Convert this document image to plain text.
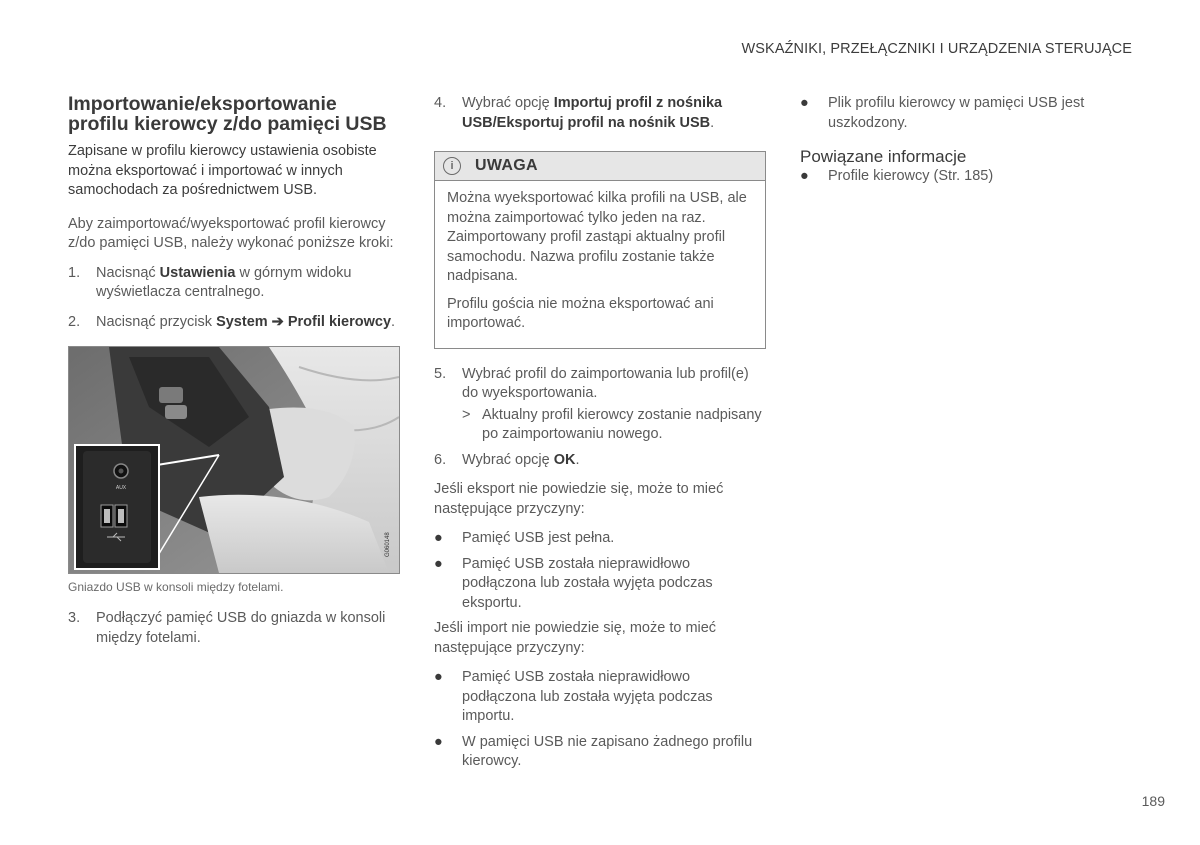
WSKAŹNIKI, PRZEŁĄCZNIKI I URZĄDZENIA STERUJĄCE
Importowanie/eksportowanie profilu kierowcy z/do pamięci USB

Zapisane w profilu kierowcy ustawienia osobiste można eksportować i importować w innych samochodach za pośrednictwem USB.

Aby zaimportować/wyeksportować profil kierowcy z/do pamięci USB, należy wykonać poniższe kroki:

1.	Nacisnąć Ustawienia w górnym widoku wyświetlacza centralnego.
2.	Nacisnąć przycisk System ➔ Profil kierowcy.
AUX
G060148

Gniazdo USB w konsoli między fotelami.

3.	Podłączyć pamięć USB do gniazda w konsoli między fotelami.
4.	Wybrać opcję Importuj profil z nośnika USB/Eksportuj profil na nośnik USB.
i	UWAGA

Można wyeksportować kilka profili na USB, ale można zaimportować tylko jeden na raz. Zaimportowany profil zastąpi aktualny profil samochodu. Nazwa profilu zostanie także nadpisana.

Profilu gościa nie można eksportować ani importować.

5.	Wybrać profil do zaimportowania lub profil(e) do wyeksportowania.
> Aktualny profil kierowcy zostanie nadpisany po zaimportowaniu nowego.
6.	Wybrać opcję OK.

Jeśli eksport nie powiedzie się, może to mieć następujące przyczyny:

●	Pamięć USB jest pełna.
●	Pamięć USB została nieprawidłowo podłączona lub została wyjęta podczas eksportu.

Jeśli import nie powiedzie się, może to mieć następujące przyczyny:

●	Pamięć USB została nieprawidłowo podłączona lub została wyjęta podczas importu.
●	W pamięci USB nie zapisano żadnego profilu kierowcy.
●	Plik profilu kierowcy w pamięci USB jest uszkodzony.
Powiązane informacje
●	Profile kierowcy (Str. 185)
189
